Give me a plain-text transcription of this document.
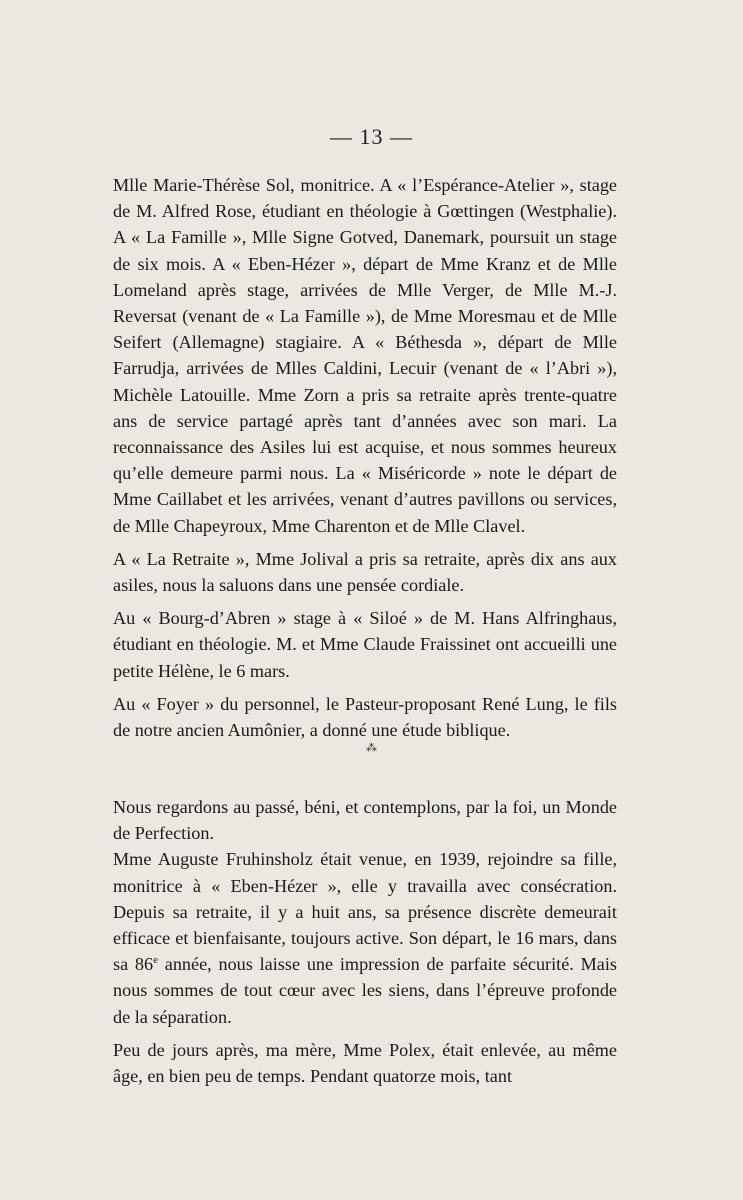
— 13 —

Mlle Marie-Thérèse Sol, monitrice. A « l’Espérance-Atelier », stage de M. Alfred Rose, étudiant en théologie à Gœttingen (Westphalie). A « La Famille », Mlle Signe Gotved, Danemark, poursuit un stage de six mois. A « Eben-Hézer », départ de Mme Kranz et de Mlle Lomeland après stage, arrivées de Mlle Verger, de Mlle M.-J. Reversat (venant de « La Famille »), de Mme Moresmau et de Mlle Seifert (Allemagne) stagiaire. A « Béthesda », départ de Mlle Farrudja, arrivées de Mlles Caldini, Lecuir (venant de « l’Abri »), Michèle Latouille. Mme Zorn a pris sa retraite après trente-quatre ans de service partagé après tant d’années avec son mari. La reconnaissance des Asiles lui est acquise, et nous sommes heureux qu’elle demeure parmi nous. La « Miséricorde » note le départ de Mme Caillabet et les arrivées, venant d’autres pavillons ou services, de Mlle Chapeyroux, Mme Charenton et de Mlle Clavel.

A « La Retraite », Mme Jolival a pris sa retraite, après dix ans aux asiles, nous la saluons dans une pensée cordiale.

Au « Bourg-d’Abren » stage à « Siloé » de M. Hans Alfringhaus, étudiant en théologie. M. et Mme Claude Fraissinet ont accueilli une petite Hélène, le 6 mars.

Au « Foyer » du personnel, le Pasteur-proposant René Lung, le fils de notre ancien Aumônier, a donné une étude biblique.

⁂

Nous regardons au passé, béni, et contemplons, par la foi, un Monde de Perfection.

Mme Auguste Fruhinsholz était venue, en 1939, rejoindre sa fille, monitrice à « Eben-Hézer », elle y travailla avec consécration. Depuis sa retraite, il y a huit ans, sa présence discrète demeurait efficace et bienfaisante, toujours active. Son départ, le 16 mars, dans sa 86e année, nous laisse une impression de parfaite sécurité. Mais nous sommes de tout cœur avec les siens, dans l’épreuve profonde de la séparation.

Peu de jours après, ma mère, Mme Polex, était enlevée, au même âge, en bien peu de temps. Pendant quatorze mois, tant
